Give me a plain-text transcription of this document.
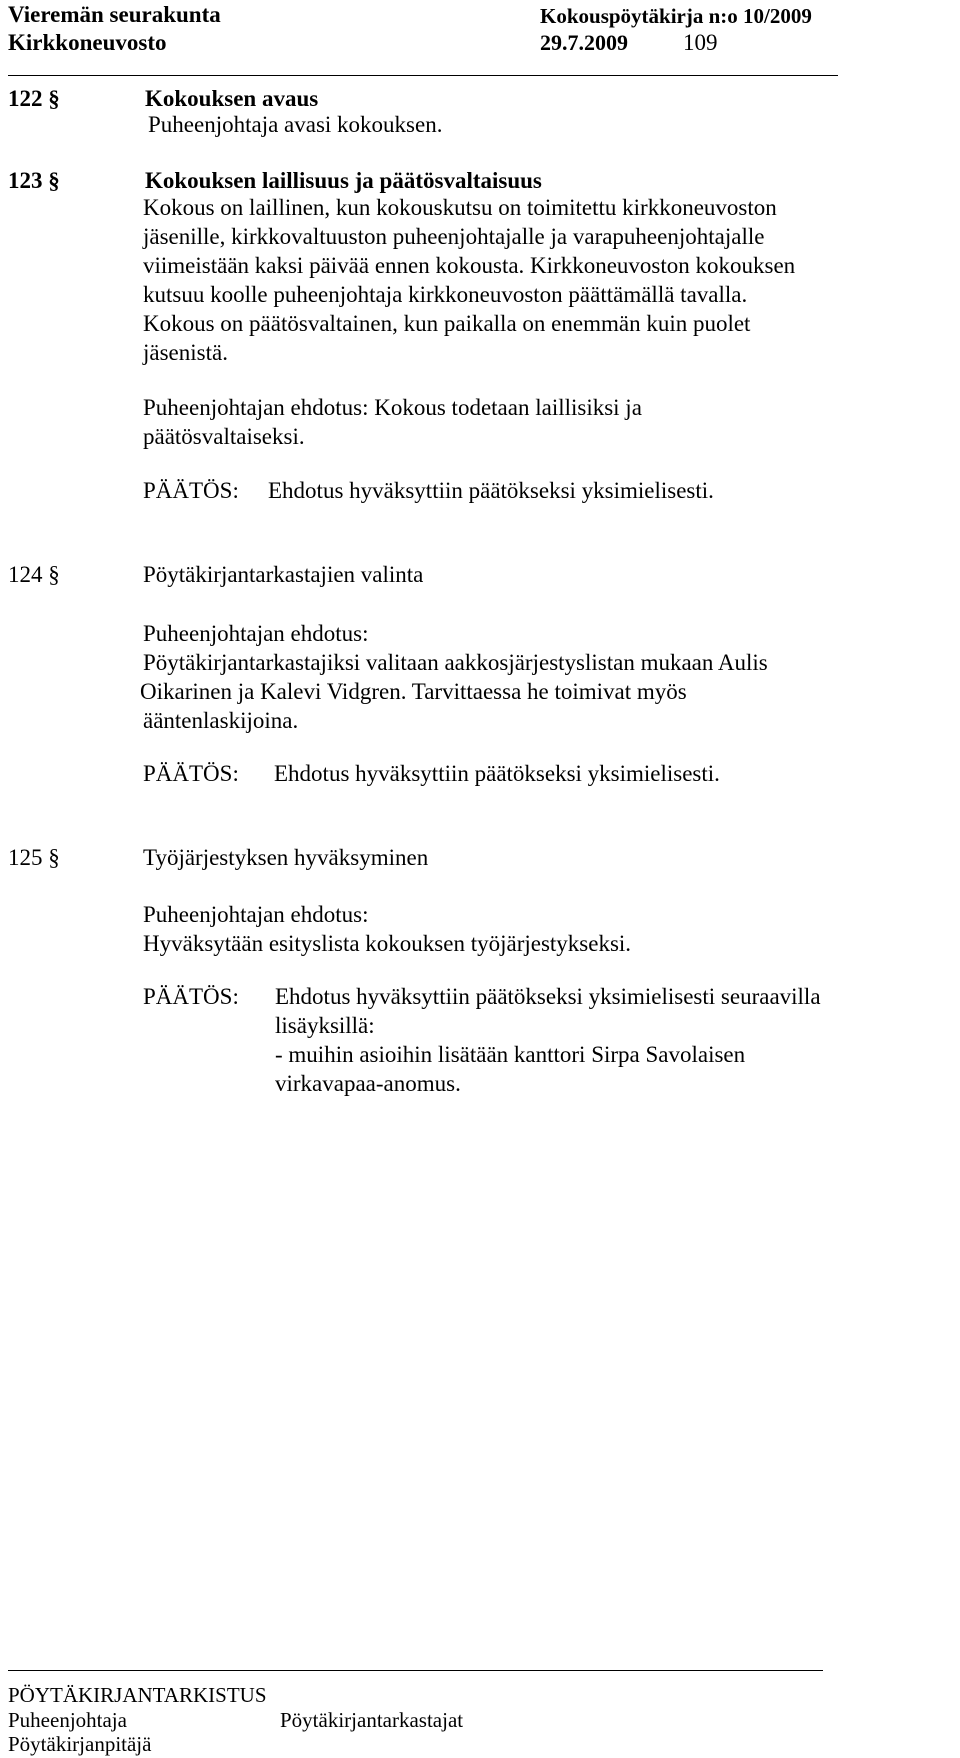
Vieremän seurakunta	Kokouspöytäkirja n:o 10/2009
Kirkkoneuvosto	29.7.2009 109
122 §	Kokouksen avaus
Puheenjohtaja avasi kokouksen.
123 §	Kokouksen laillisuus ja päätösvaltaisuus
Kokous on laillinen, kun kokouskutsu on toimitettu kirkkoneuvoston
jäsenille, kirkkovaltuuston puheenjohtajalle ja varapuheenjohtajalle
viimeistään kaksi päivää ennen kokousta. Kirkkoneuvoston kokouksen
kutsuu koolle puheenjohtaja kirkkoneuvoston päättämällä tavalla.
Kokous on päätösvaltainen, kun paikalla on enemmän kuin puolet
jäsenistä.
Puheenjohtajan ehdotus: Kokous todetaan laillisiksi ja
päätösvaltaiseksi.
PÄÄTÖS: Ehdotus hyväksyttiin päätökseksi yksimielisesti.
124 §	Pöytäkirjantarkastajien valinta
Puheenjohtajan ehdotus:
Pöytäkirjantarkastajiksi valitaan aakkosjärjestyslistan mukaan Aulis
Oikarinen ja Kalevi Vidgren. Tarvittaessa he toimivat myös
ääntenlaskijoina.
PÄÄTÖS: Ehdotus hyväksyttiin päätökseksi yksimielisesti.
125 §	Työjärjestyksen hyväksyminen
Puheenjohtajan ehdotus:
Hyväksytään esityslista kokouksen työjärjestykseksi.
PÄÄTÖS: Ehdotus hyväksyttiin päätökseksi yksimielisesti seuraavilla
lisäyksillä:
- muihin asioihin lisätään kanttori Sirpa Savolaisen
virkavapaa-anomus.
PÖYTÄKIRJANTARKISTUS
Puheenjohtaja	Pöytäkirjantarkastajat
Pöytäkirjanpitäjä
